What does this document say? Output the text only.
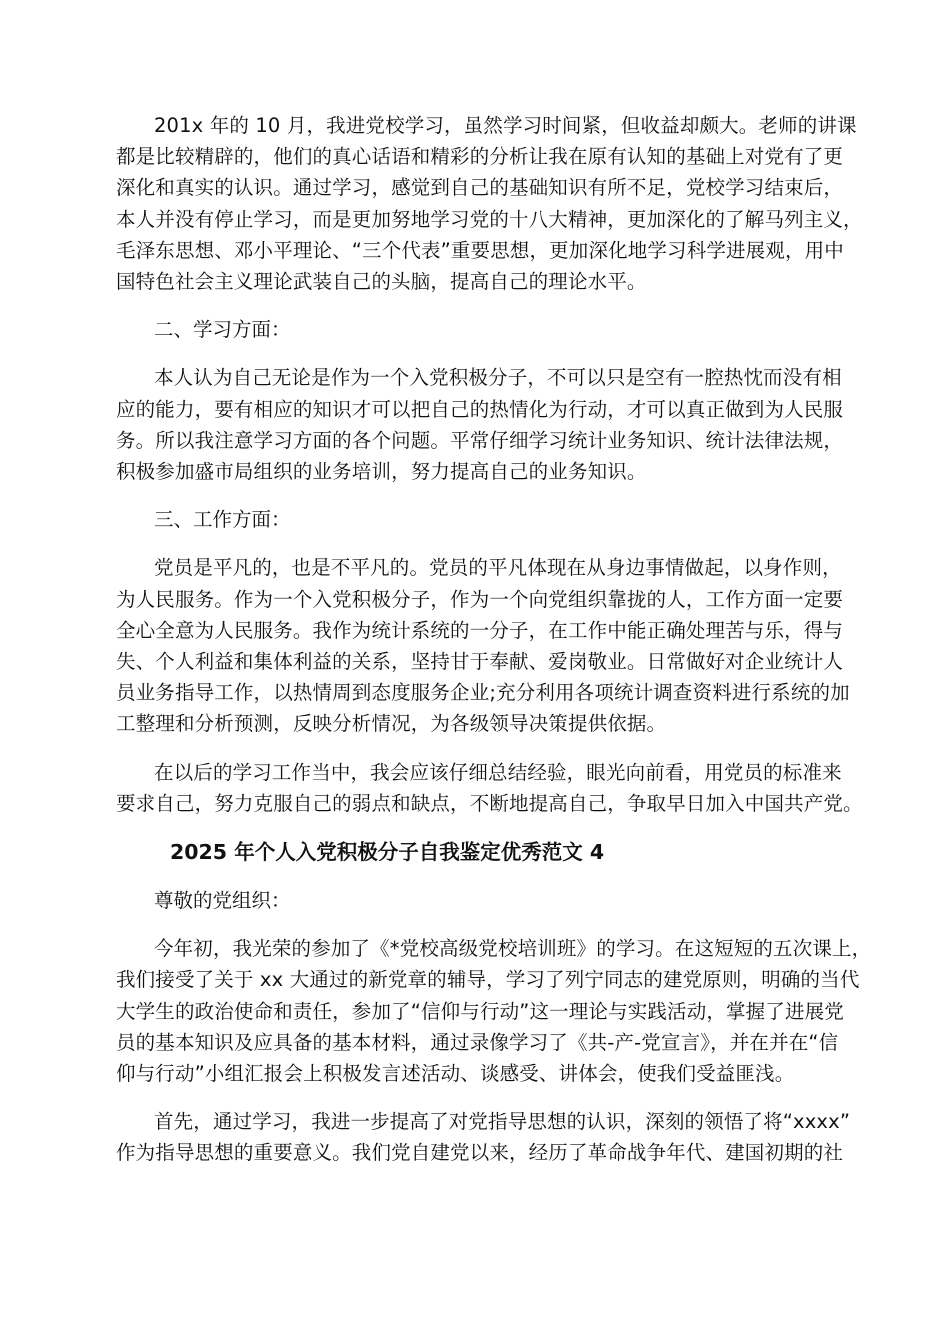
201x 年的 10 月，我进党校学习，虽然学习时间紧，但收益却颇大。老师的讲课
都是比较精辟的，他们的真心话语和精彩的分析让我在原有认知的基础上对党有了更
深化和真实的认识。通过学习，感觉到自己的基础知识有所不足，党校学习结束后，
本人并没有停止学习，而是更加努地学习党的十八大精神，更加深化的了解马列主义，
毛泽东思想、邓小平理论、“三个代表”重要思想，更加深化地学习科学进展观，用中
国特色社会主义理论武装自己的头脑，提高自己的理论水平。

二、学习方面：

本人认为自己无论是作为一个入党积极分子，不可以只是空有一腔热忱而没有相
应的能力，要有相应的知识才可以把自己的热情化为行动，才可以真正做到为人民服
务。所以我注意学习方面的各个问题。平常仔细学习统计业务知识、统计法律法规，
积极参加盛市局组织的业务培训，努力提高自己的业务知识。

三、工作方面：

党员是平凡的，也是不平凡的。党员的平凡体现在从身边事情做起，以身作则，
为人民服务。作为一个入党积极分子，作为一个向党组织靠拢的人，工作方面一定要
全心全意为人民服务。我作为统计系统的一分子，在工作中能正确处理苦与乐，得与
失、个人利益和集体利益的关系，坚持甘于奉献、爱岗敬业。日常做好对企业统计人
员业务指导工作，以热情周到态度服务企业;充分利用各项统计调查资料进行系统的加
工整理和分析预测，反映分析情况，为各级领导决策提供依据。
在以后的学习工作当中，我会应该仔细总结经验，眼光向前看，用党员的标准来
要求自己，努力克服自己的弱点和缺点，不断地提高自己，争取早日加入中国共产党。
2025 年个人入党积极分子自我鉴定优秀范文 4

尊敬的党组织：

今年初，我光荣的参加了《*党校高级党校培训班》的学习。在这短短的五次课上，
我们接受了关于 xx 大通过的新党章的辅导，学习了列宁同志的建党原则，明确的当代
大学生的政治使命和责任，参加了“信仰与行动”这一理论与实践活动，掌握了进展党
员的基本知识及应具备的基本材料，通过录像学习了《共-产-党宣言》，并在并在“信
仰与行动”小组汇报会上积极发言述活动、谈感受、讲体会，使我们受益匪浅。
首先，通过学习，我进一步提高了对党指导思想的认识，深刻的领悟了将“xxxx”
作为指导思想的重要意义。我们党自建党以来，经历了革命战争年代、建国初期的社
